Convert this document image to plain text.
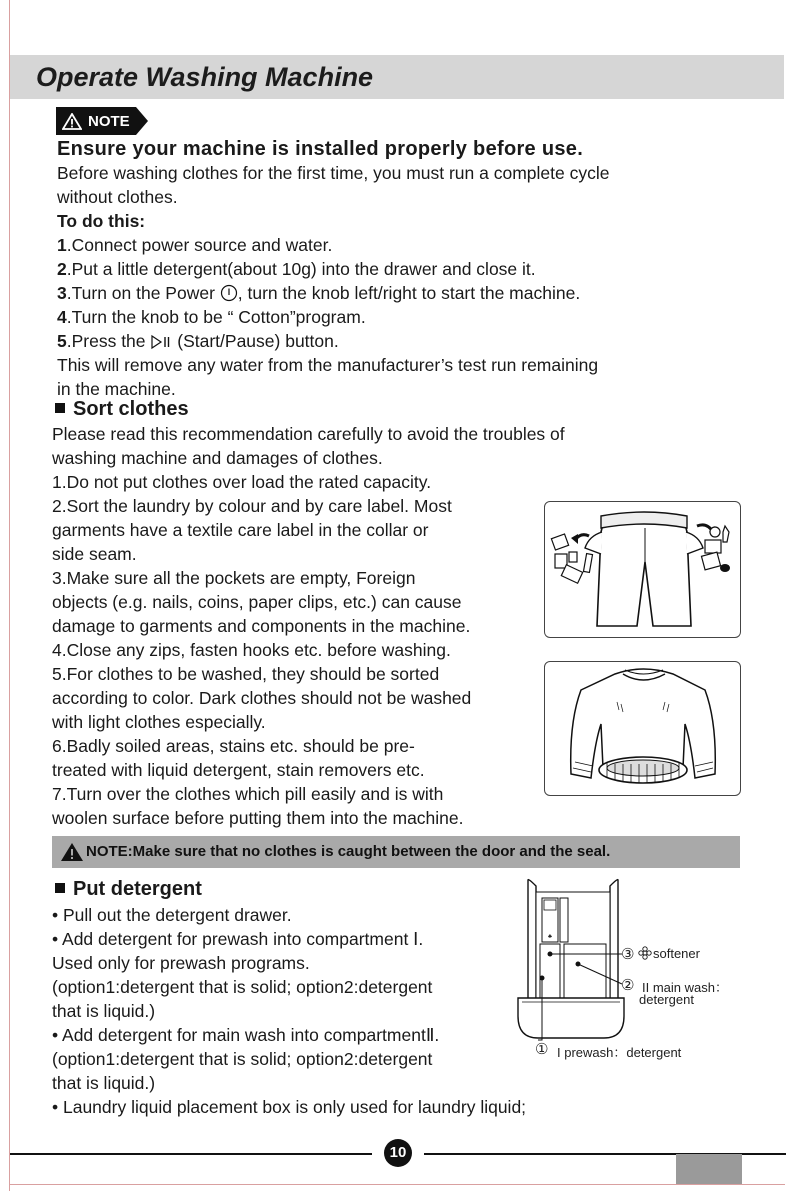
Operate Washing Machine
NOTE
Ensure your machine is installed properly before use.
Before washing clothes for the first time, you must run a complete cycle
without clothes.
To do this:
1.Connect power source and water.
2.Put a little detergent(about 10g) into the drawer and close it.
3.Turn on the Power , turn the knob left/right to start the machine.
4.Turn the knob to be “ Cotton”program.
5.Press the  (Start/Pause) button.
This will remove any water from the manufacturer’s test run remaining
in the machine.
Sort clothes
Please read this recommendation carefully to avoid the troubles of
washing machine and damages of clothes.
1.Do not put clothes over load the rated capacity.
2.Sort the laundry by colour and by care label. Most
garments have a textile care label in the collar or
side seam.
3.Make sure all the pockets are empty, Foreign
objects (e.g. nails, coins, paper clips, etc.) can cause
damage to garments and components in the machine.
4.Close any zips, fasten hooks etc. before washing.
5.For clothes to be washed, they should be sorted
according to color. Dark clothes should not be washed
with light clothes especially.
6.Badly soiled areas, stains etc. should be pre-
treated with liquid detergent, stain removers etc.
7.Turn over the clothes which pill easily and is with
woolen surface before putting them into the machine.
NOTE:Make sure that no clothes is caught between the door and the seal.
Put detergent
• Pull out the detergent drawer.
• Add detergent for prewash into compartment Ⅰ.
Used only for prewash programs.
(option1:detergent that is solid; option2:detergent
that is liquid.)
• Add detergent for main wash into compartmentⅡ.
(option1:detergent that is solid; option2:detergent
that is liquid.)
• Laundry liquid placement box is only used for laundry liquid;
♣
③ softener
② II main wash：
detergent
① I prewash：detergent
10
